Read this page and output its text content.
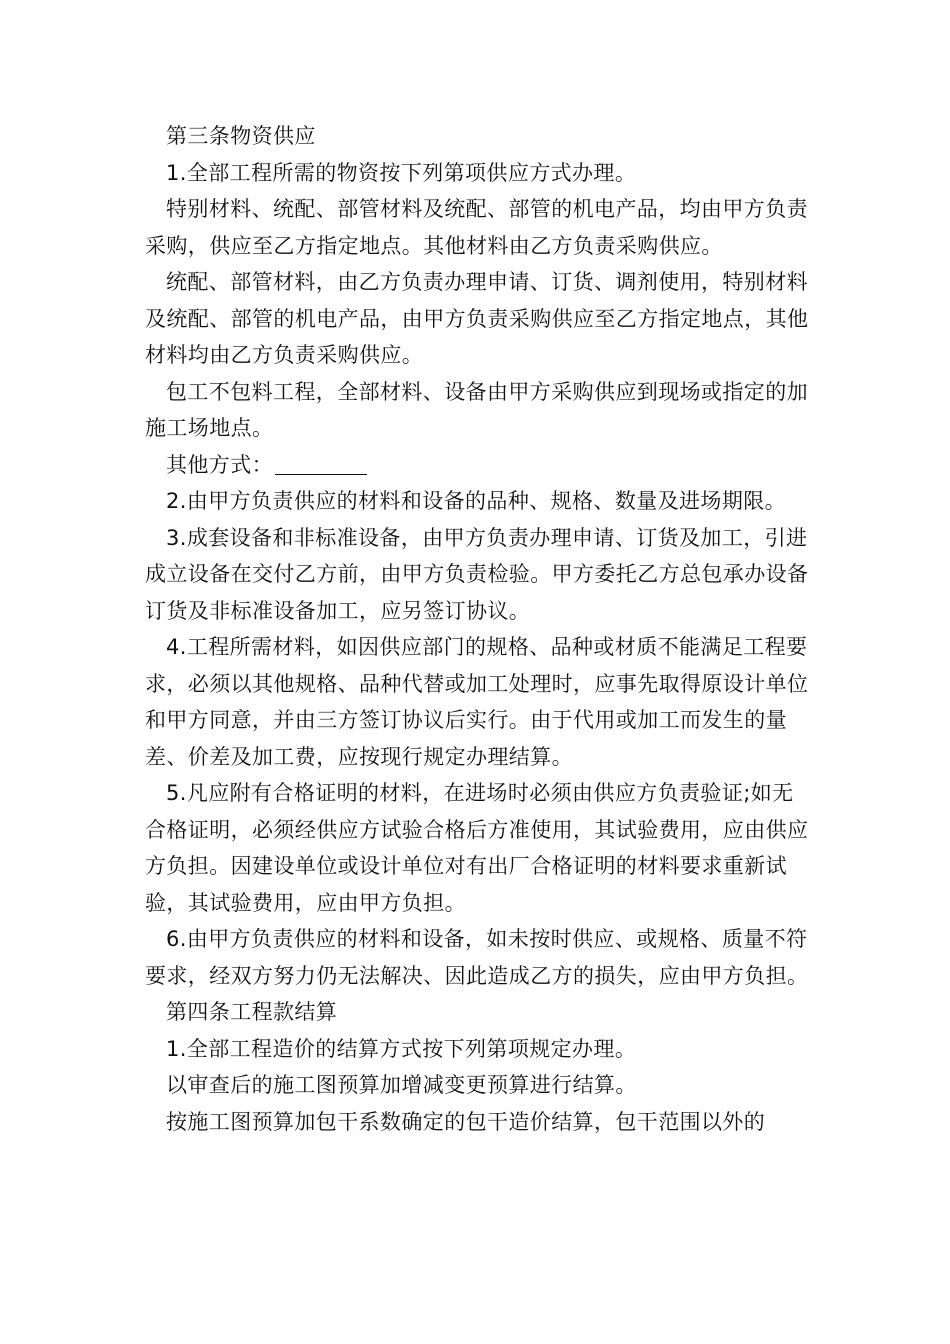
第三条物资供应

1.全部工程所需的物资按下列第项供应方式办理。

特别材料、统配、部管材料及统配、部管的机电产品，均由甲方负责采购，供应至乙方指定地点。其他材料由乙方负责采购供应。

统配、部管材料，由乙方负责办理申请、订货、调剂使用，特别材料及统配、部管的机电产品，由甲方负责采购供应至乙方指定地点，其他材料均由乙方负责采购供应。

包工不包料工程，全部材料、设备由甲方采购供应到现场或指定的加施工场地点。

其他方式：

2.由甲方负责供应的材料和设备的品种、规格、数量及进场期限。

3.成套设备和非标准设备，由甲方负责办理申请、订货及加工，引进成立设备在交付乙方前，由甲方负责检验。甲方委托乙方总包承办设备订货及非标准设备加工，应另签订协议。

4.工程所需材料，如因供应部门的规格、品种或材质不能满足工程要求，必须以其他规格、品种代替或加工处理时，应事先取得原设计单位和甲方同意，并由三方签订协议后实行。由于代用或加工而发生的量差、价差及加工费，应按现行规定办理结算。

5.凡应附有合格证明的材料，在进场时必须由供应方负责验证;如无合格证明，必须经供应方试验合格后方准使用，其试验费用，应由供应方负担。因建设单位或设计单位对有出厂合格证明的材料要求重新试验，其试验费用，应由甲方负担。

6.由甲方负责供应的材料和设备，如未按时供应、或规格、质量不符要求，经双方努力仍无法解决、因此造成乙方的损失，应由甲方负担。

第四条工程款结算

1.全部工程造价的结算方式按下列第项规定办理。

以审查后的施工图预算加增减变更预算进行结算。

按施工图预算加包干系数确定的包干造价结算，包干范围以外的
